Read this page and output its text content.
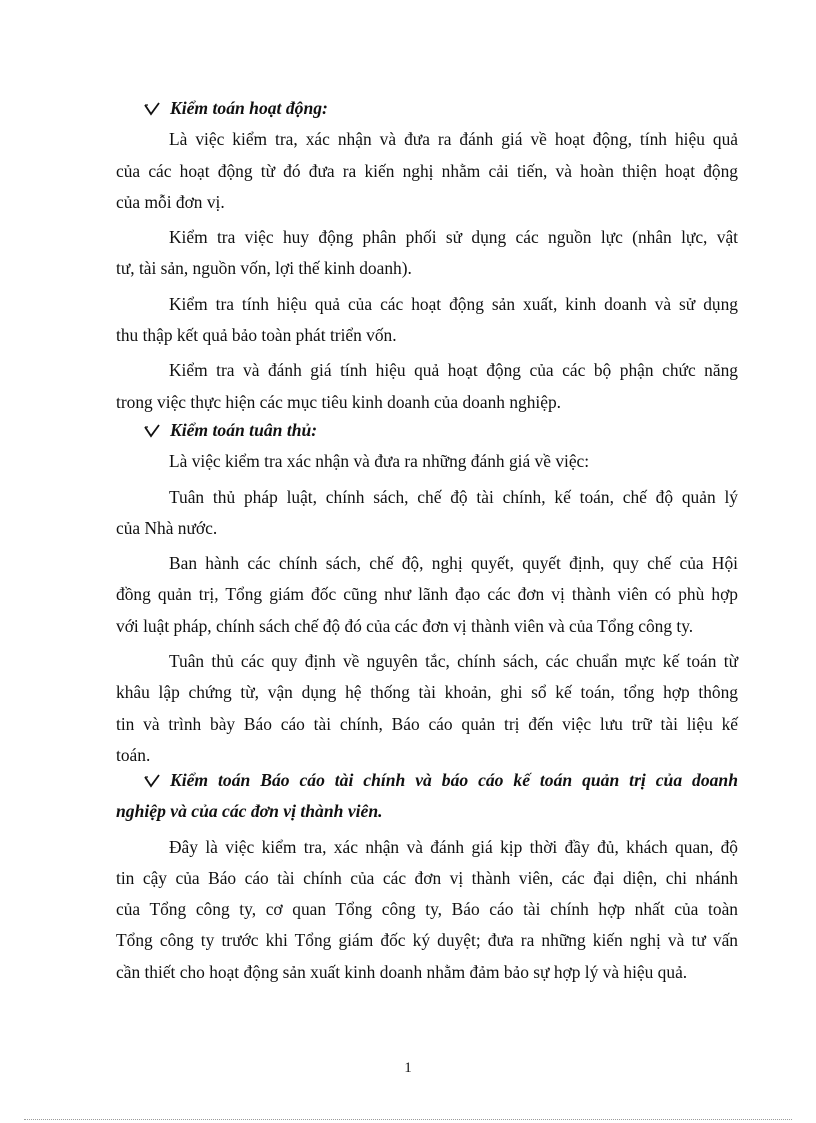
Kiểm toán hoạt động:
Là việc kiểm tra, xác nhận và đưa ra đánh giá về hoạt động, tính hiệu quả
của các hoạt động từ đó đưa ra kiến nghị nhằm cải tiến, và hoàn thiện hoạt động
của mỗi đơn vị.
Kiểm tra việc huy động phân phối sử dụng các nguồn lực (nhân lực, vật
tư, tài sản, nguồn vốn, lợi thế kinh doanh).
Kiểm tra tính hiệu quả của các hoạt động sản xuất, kinh doanh và sử dụng
thu thập kết quả bảo toàn phát triển vốn.
Kiểm tra và đánh giá tính hiệu quả hoạt động của các bộ phận chức năng
trong việc thực hiện các mục tiêu kinh doanh của doanh nghiệp.
Kiểm toán tuân thủ:
Là việc kiểm tra xác nhận và đưa ra những đánh giá về việc:
Tuân thủ pháp luật, chính sách, chế độ tài chính, kế toán, chế độ quản lý
của Nhà nước.
Ban hành các chính sách, chế độ, nghị quyết, quyết định, quy chế của Hội
đồng quản trị, Tổng giám đốc cũng như lãnh đạo các đơn vị thành viên có phù hợp
với luật pháp, chính sách chế độ đó của các đơn vị thành viên và của Tổng công ty.
Tuân thủ các quy định về nguyên tắc, chính sách, các chuẩn mực kế toán từ
khâu lập chứng từ, vận dụng hệ thống tài khoản, ghi sổ kế toán, tổng hợp thông
tin và trình bày Báo cáo tài chính, Báo cáo quản trị đến việc lưu trữ tài liệu kế
toán.
Kiểm toán Báo cáo tài chính và báo cáo kế toán quản trị của doanh
nghiệp và của các đơn vị thành viên.
Đây là việc kiểm tra, xác nhận và đánh giá kịp thời đầy đủ, khách quan, độ
tin cậy của Báo cáo tài chính của các đơn vị thành viên, các đại diện, chi nhánh
của Tổng công ty, cơ quan Tổng công ty, Báo cáo tài chính hợp nhất của toàn
Tổng công ty trước khi Tổng giám đốc ký duyệt; đưa ra những kiến nghị và tư vấn
cần thiết cho hoạt động sản xuất kinh doanh nhằm đảm bảo sự hợp lý và hiệu quả.
1
